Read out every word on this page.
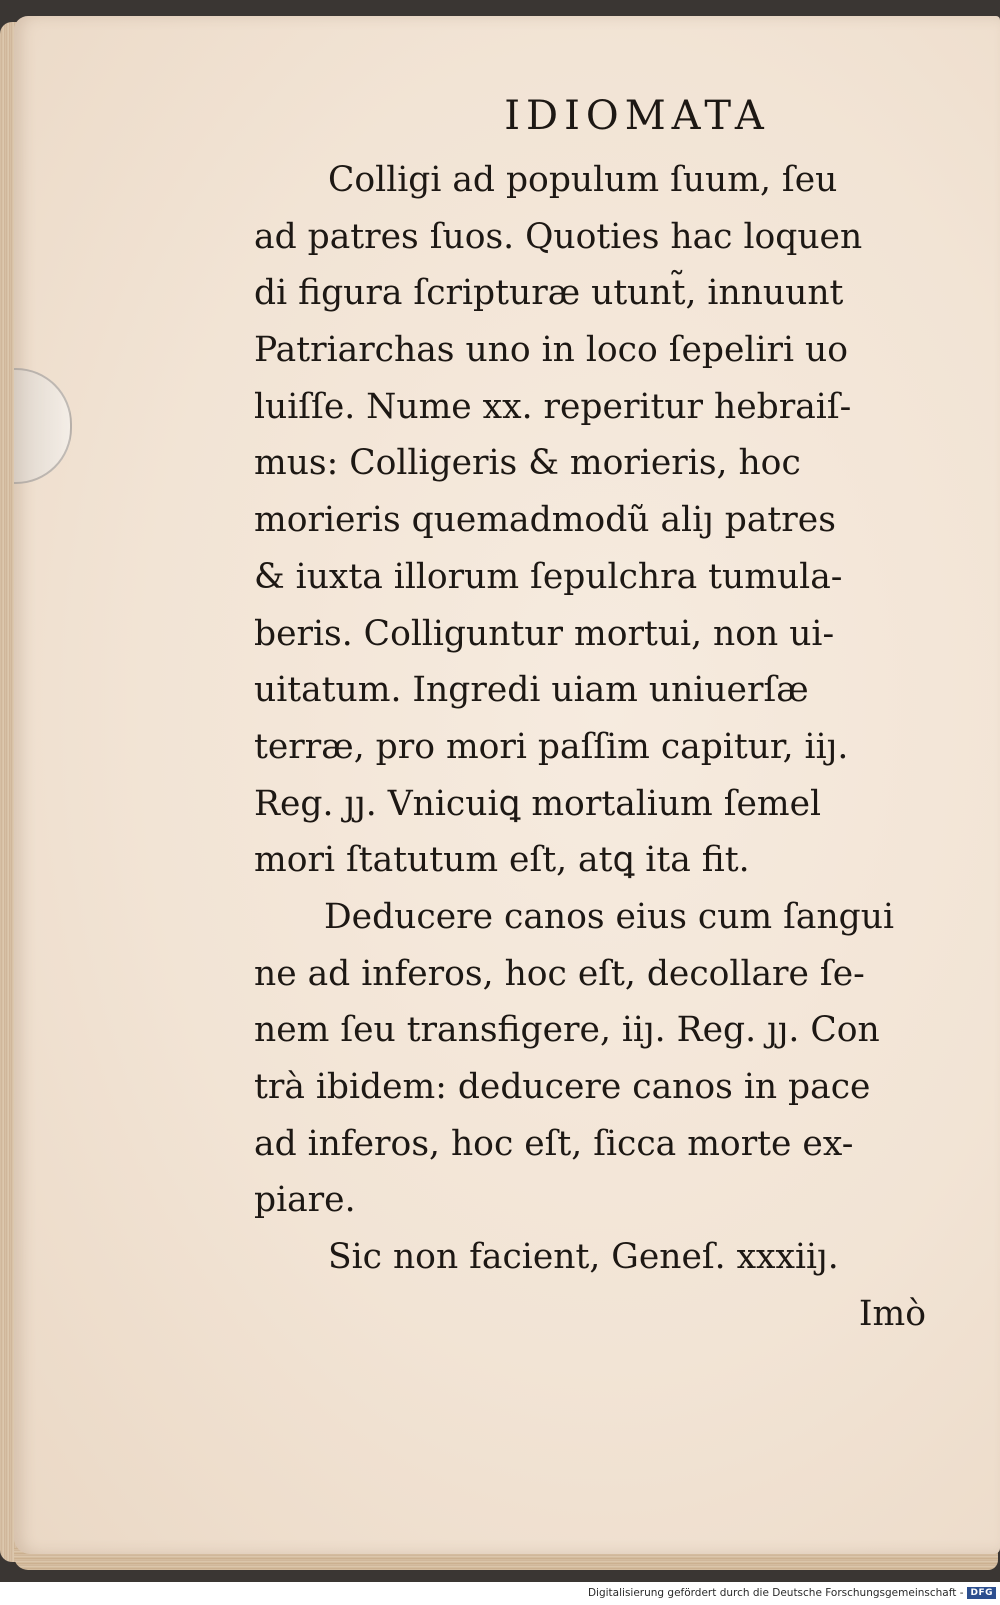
IDIOMATA
Colligi ad populum ſuum, ſeu
ad patres ſuos. Quoties hac loquen
di figura ſcripturæ utunt̃, innuunt
Patriarchas uno in loco ſepeliri uo
luiſſe. Nume xx. reperitur hebraiſ-
mus: Colligeris & morieris, hoc
morieris quemadmodũ aliȷ patres
& iuxta illorum ſepulchra tumula-
beris. Colliguntur mortui, non ui-
uitatum. Ingredi uiam uniuerſæ
terræ, pro mori paſſim capitur, iiȷ.
Reg. ȷȷ. Vnicuiꝗ mortalium ſemel
mori ſtatutum eſt, atꝗ ita fit.
Deducere canos eius cum ſangui
ne ad inferos, hoc eſt, decollare ſe-
nem ſeu transfigere, iiȷ. Reg. ȷȷ. Con
trà ibidem: deducere canos in pace
ad inferos, hoc eſt, ſicca morte ex-
piare.
Sic non facient, Geneſ. xxxiiȷ.
Imò
Digitalisierung gefördert durch die Deutsche Forschungsgemeinschaft - DFG
